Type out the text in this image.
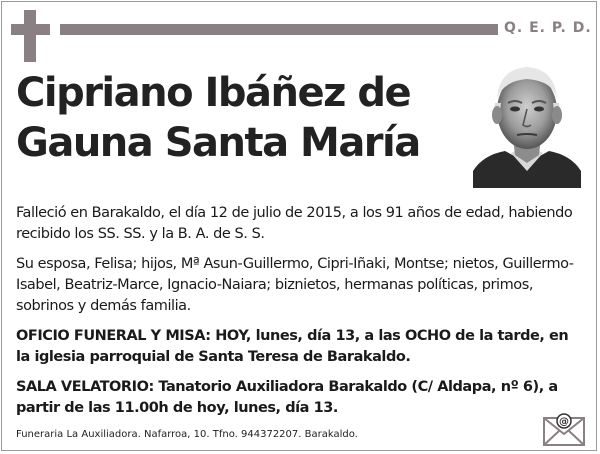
Q. E. P. D.
Cipriano Ibáñez de Gauna Santa María

Falleció en Barakaldo, el día 12 de julio de 2015, a los 91 años de edad, habiendo recibido los SS. SS. y la B. A. de S. S.

Su esposa, Felisa; hijos, Mª Asun-Guillermo, Cipri-Iñaki, Montse; nietos, Guillermo-Isabel, Beatriz-Marce, Ignacio-Naiara; biznietos, hermanas políticas, primos, sobrinos y demás familia.

OFICIO FUNERAL Y MISA: HOY, lunes, día 13, a las OCHO de la tarde, en la iglesia parroquial de Santa Teresa de Barakaldo.

SALA VELATORIO: Tanatorio Auxiliadora Barakaldo (C/ Aldapa, nº 6), a partir de las 11.00h de hoy, lunes, día 13.

Funeraria La Auxiliadora. Nafarroa, 10. Tfno. 944372207. Barakaldo.
@
